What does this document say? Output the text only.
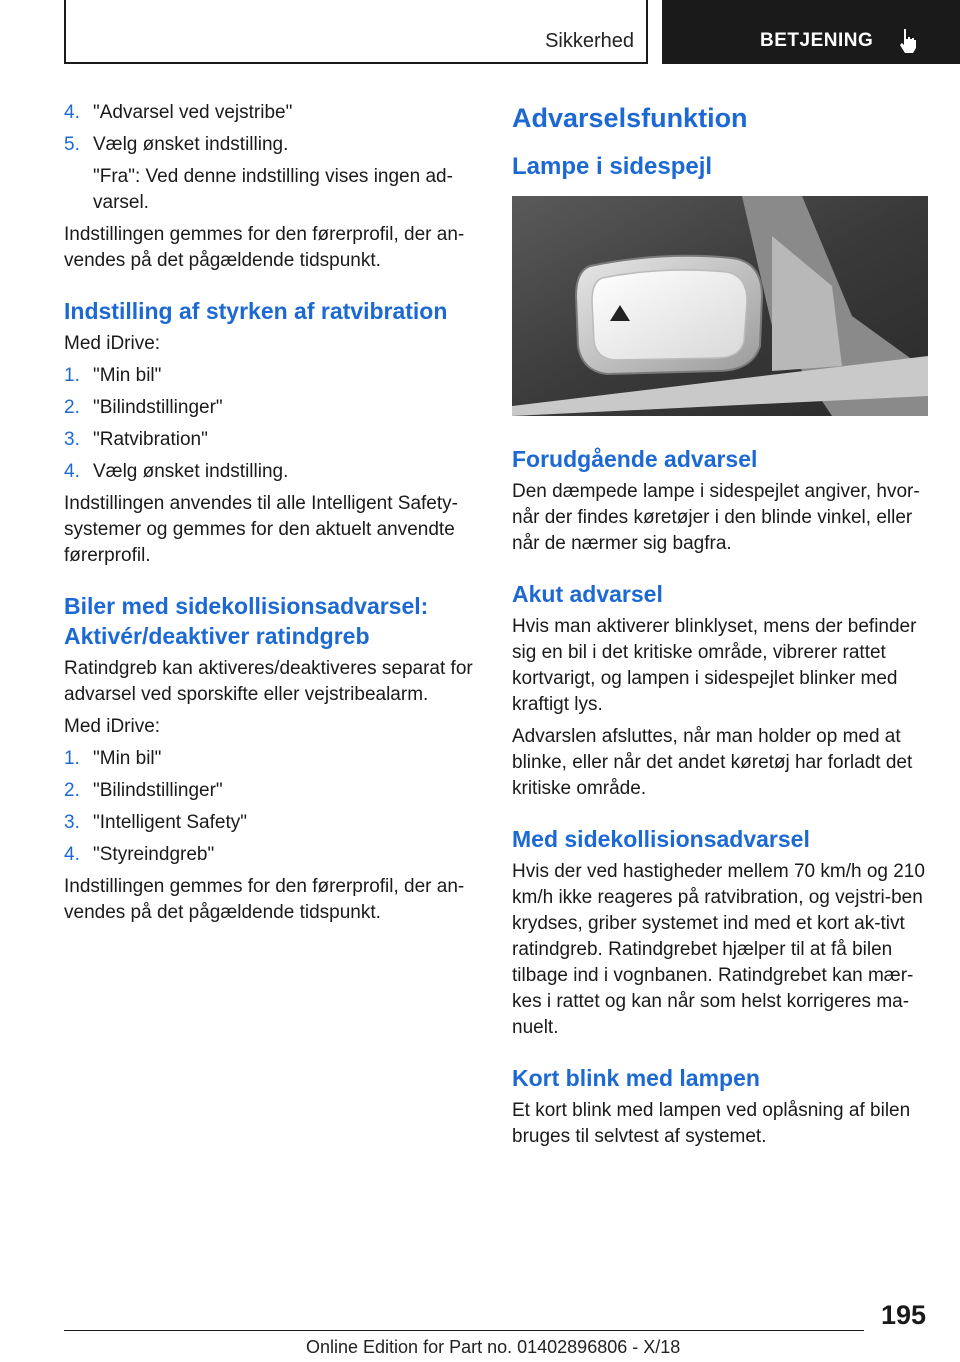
Sikkerhed	BETJENING
4. "Advarsel ved vejstribe"
5. Vælg ønsket indstilling.
"Fra": Ved denne indstilling vises ingen ad-varsel.

Indstillingen gemmes for den førerprofil, der an-vendes på det pågældende tidspunkt.

Indstilling af styrken af ratvibration

Med iDrive:

1. "Min bil"
2. "Bilindstillinger"
3. "Ratvibration"
4. Vælg ønsket indstilling.

Indstillingen anvendes til alle Intelligent Safety-systemer og gemmes for den aktuelt anvendte førerprofil.

Biler med sidekollisionsadvarsel: Aktivér/deaktiver ratindgreb

Ratindgreb kan aktiveres/deaktiveres separat for advarsel ved sporskifte eller vejstribealarm.

Med iDrive:

1. "Min bil"
2. "Bilindstillinger"
3. "Intelligent Safety"
4. "Styreindgreb"

Indstillingen gemmes for den førerprofil, der an-vendes på det pågældende tidspunkt.

Advarselsfunktion
Lampe i sidespejl
Forudgående advarsel

Den dæmpede lampe i sidespejlet angiver, hvor-når der findes køretøjer i den blinde vinkel, eller når de nærmer sig bagfra.

Akut advarsel

Hvis man aktiverer blinklyset, mens der befinder sig en bil i det kritiske område, vibrerer rattet kortvarigt, og lampen i sidespejlet blinker med kraftigt lys.

Advarslen afsluttes, når man holder op med at blinke, eller når det andet køretøj har forladt det kritiske område.

Med sidekollisionsadvarsel

Hvis der ved hastigheder mellem 70 km/h og 210 km/h ikke reageres på ratvibration, og vejstri-ben krydses, griber systemet ind med et kort ak-tivt ratindgreb. Ratindgrebet hjælper til at få bilen tilbage ind i vognbanen. Ratindgrebet kan mær-kes i rattet og kan når som helst korrigeres ma-nuelt.

Kort blink med lampen

Et kort blink med lampen ved oplåsning af bilen bruges til selvtest af systemet.

195
Online Edition for Part no. 01402896806 - X/18
